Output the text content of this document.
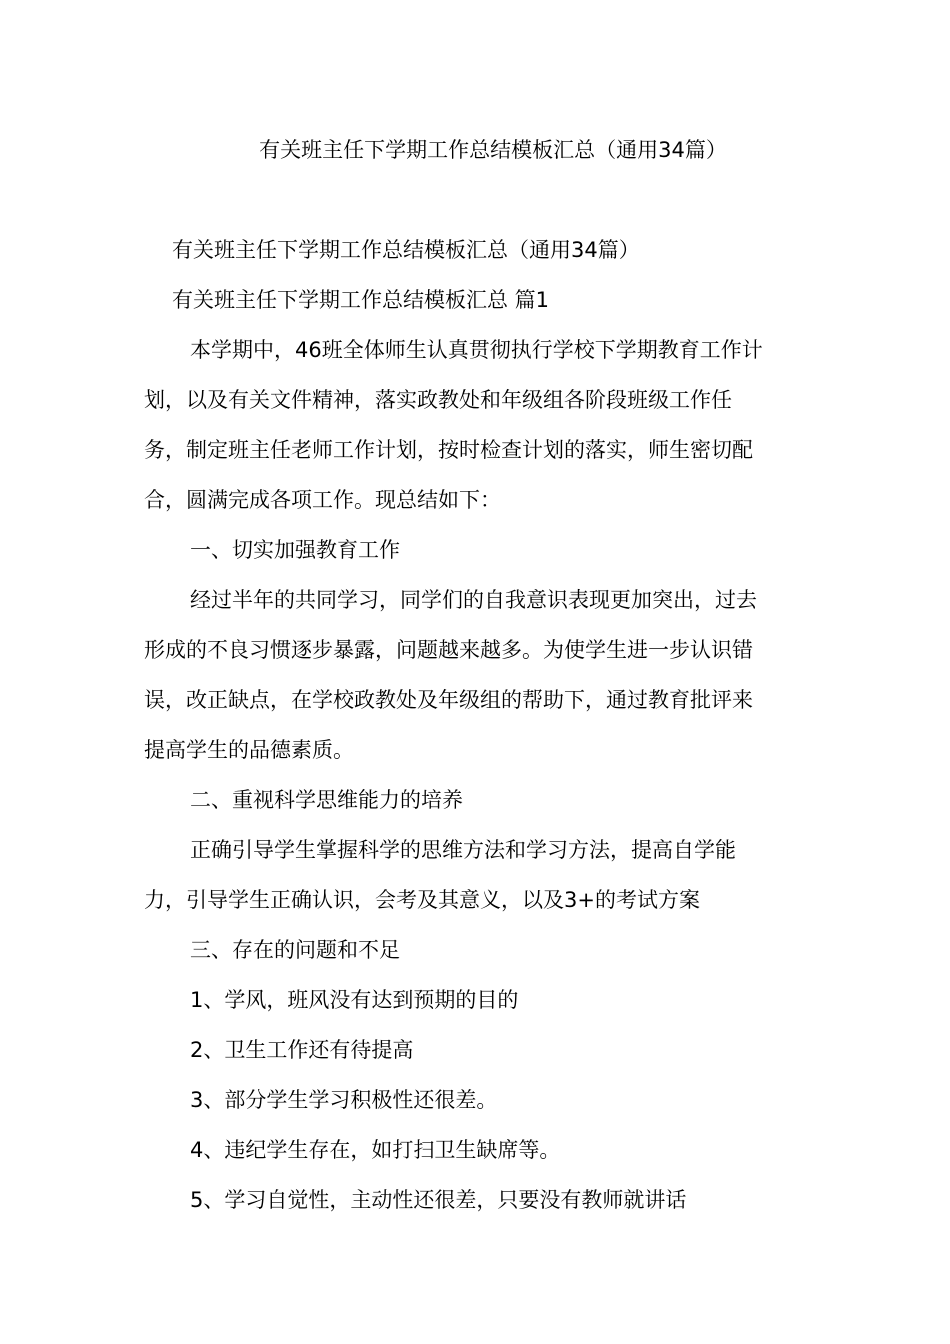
有关班主任下学期工作总结模板汇总（通用34篇）
有关班主任下学期工作总结模板汇总（通用34篇）
有关班主任下学期工作总结模板汇总 篇1
本学期中，46班全体师生认真贯彻执行学校下学期教育工作计
划，以及有关文件精神，落实政教处和年级组各阶段班级工作任
务，制定班主任老师工作计划，按时检查计划的落实，师生密切配
合，圆满完成各项工作。现总结如下：
一、切实加强教育工作
经过半年的共同学习，同学们的自我意识表现更加突出，过去
形成的不良习惯逐步暴露，问题越来越多。为使学生进一步认识错
误，改正缺点，在学校政教处及年级组的帮助下，通过教育批评来
提高学生的品德素质。
二、重视科学思维能力的培养
正确引导学生掌握科学的思维方法和学习方法，提高自学能
力，引导学生正确认识，会考及其意义，以及3+的考试方案
三、存在的问题和不足
1、学风，班风没有达到预期的目的
2、卫生工作还有待提高
3、部分学生学习积极性还很差。
4、违纪学生存在，如打扫卫生缺席等。
5、学习自觉性，主动性还很差，只要没有教师就讲话
